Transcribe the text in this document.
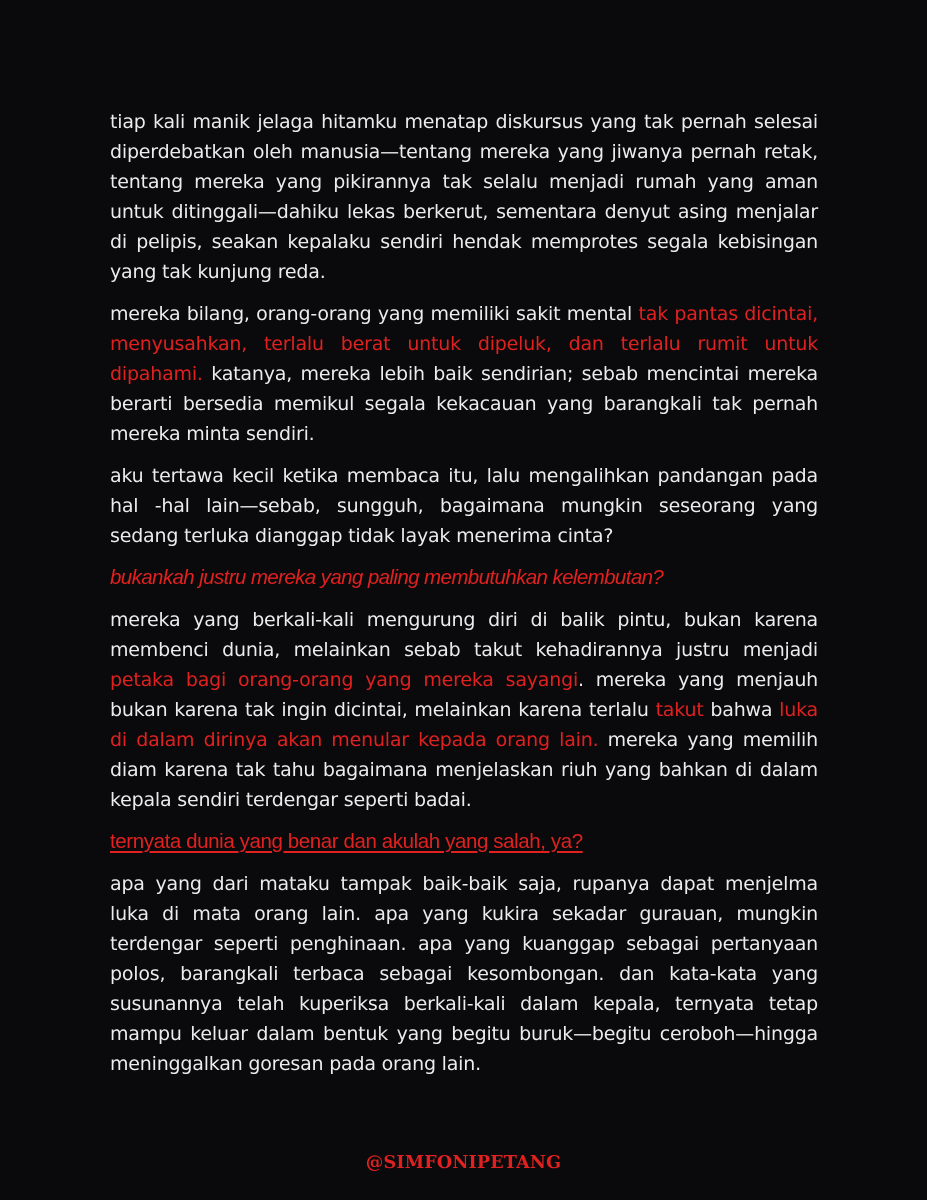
tiap kali manik jelaga hitamku menatap diskursus yang tak pernah selesai diperdebatkan oleh manusia—tentang mereka yang jiwanya pernah retak, tentang mereka yang pikirannya tak selalu menjadi rumah yang aman untuk ditinggali—dahiku lekas berkerut, sementara denyut asing menjalar di pelipis, seakan kepalaku sendiri hendak memprotes segala kebisingan yang tak kunjung reda.

mereka bilang, orang-orang yang memiliki sakit mental tak pantas dicintai, menyusahkan, terlalu berat untuk dipeluk, dan terlalu rumit untuk dipahami. katanya, mereka lebih baik sendirian; sebab mencintai mereka berarti bersedia memikul segala kekacauan yang barangkali tak pernah mereka minta sendiri.

aku tertawa kecil ketika membaca itu, lalu mengalihkan pandangan pada hal -hal lain—sebab, sungguh, bagaimana mungkin seseorang yang sedang terluka dianggap tidak layak menerima cinta?

bukankah justru mereka yang paling membutuhkan kelembutan?

mereka yang berkali-kali mengurung diri di balik pintu, bukan karena membenci dunia, melainkan sebab takut kehadirannya justru menjadi petaka bagi orang-orang yang mereka sayangi. mereka yang menjauh bukan karena tak ingin dicintai, melainkan karena terlalu takut bahwa luka di dalam dirinya akan menular kepada orang lain. mereka yang memilih diam karena tak tahu bagaimana menjelaskan riuh yang bahkan di dalam kepala sendiri terdengar seperti badai.

ternyata dunia yang benar dan akulah yang salah, ya?

apa yang dari mataku tampak baik-baik saja, rupanya dapat menjelma luka di mata orang lain. apa yang kukira sekadar gurauan, mungkin terdengar seperti penghinaan. apa yang kuanggap sebagai pertanyaan polos, barangkali terbaca sebagai kesombongan. dan kata-kata yang susunannya telah kuperiksa berkali-kali dalam kepala, ternyata tetap mampu keluar dalam bentuk yang begitu buruk—begitu ceroboh—hingga meninggalkan goresan pada orang lain.

@SIMFONIPETANG
